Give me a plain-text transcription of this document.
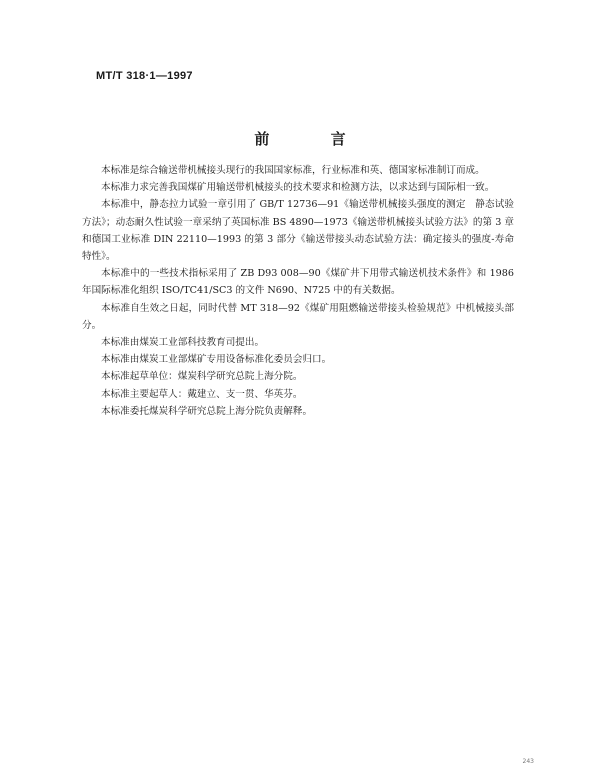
MT/T 318·1—1997
前 言

本标准是综合输送带机械接头现行的我国国家标准，行业标准和英、德国家标准制订而成。

本标准力求完善我国煤矿用输送带机械接头的技术要求和检测方法，以求达到与国际相一致。

本标准中，静态拉力试验一章引用了 GB/T 12736—91《输送带机械接头强度的测定　静态试验方法》；动态耐久性试验一章采纳了英国标准 BS 4890—1973《输送带机械接头试验方法》的第 3 章和德国工业标准 DIN 22110—1993 的第 3 部分《输送带接头动态试验方法：确定接头的强度-寿命特性》。

本标准中的一些技术指标采用了 ZB D93 008—90《煤矿井下用带式输送机技术条件》和 1986 年国际标准化组织 ISO/TC41/SC3 的文件 N690、N725 中的有关数据。

本标准自生效之日起，同时代替 MT 318—92《煤矿用阻燃输送带接头检验规范》中机械接头部分。

本标准由煤炭工业部科技教育司提出。

本标准由煤炭工业部煤矿专用设备标准化委员会归口。

本标准起草单位：煤炭科学研究总院上海分院。

本标准主要起草人：戴建立、支一贯、华英芬。

本标准委托煤炭科学研究总院上海分院负责解释。

243
